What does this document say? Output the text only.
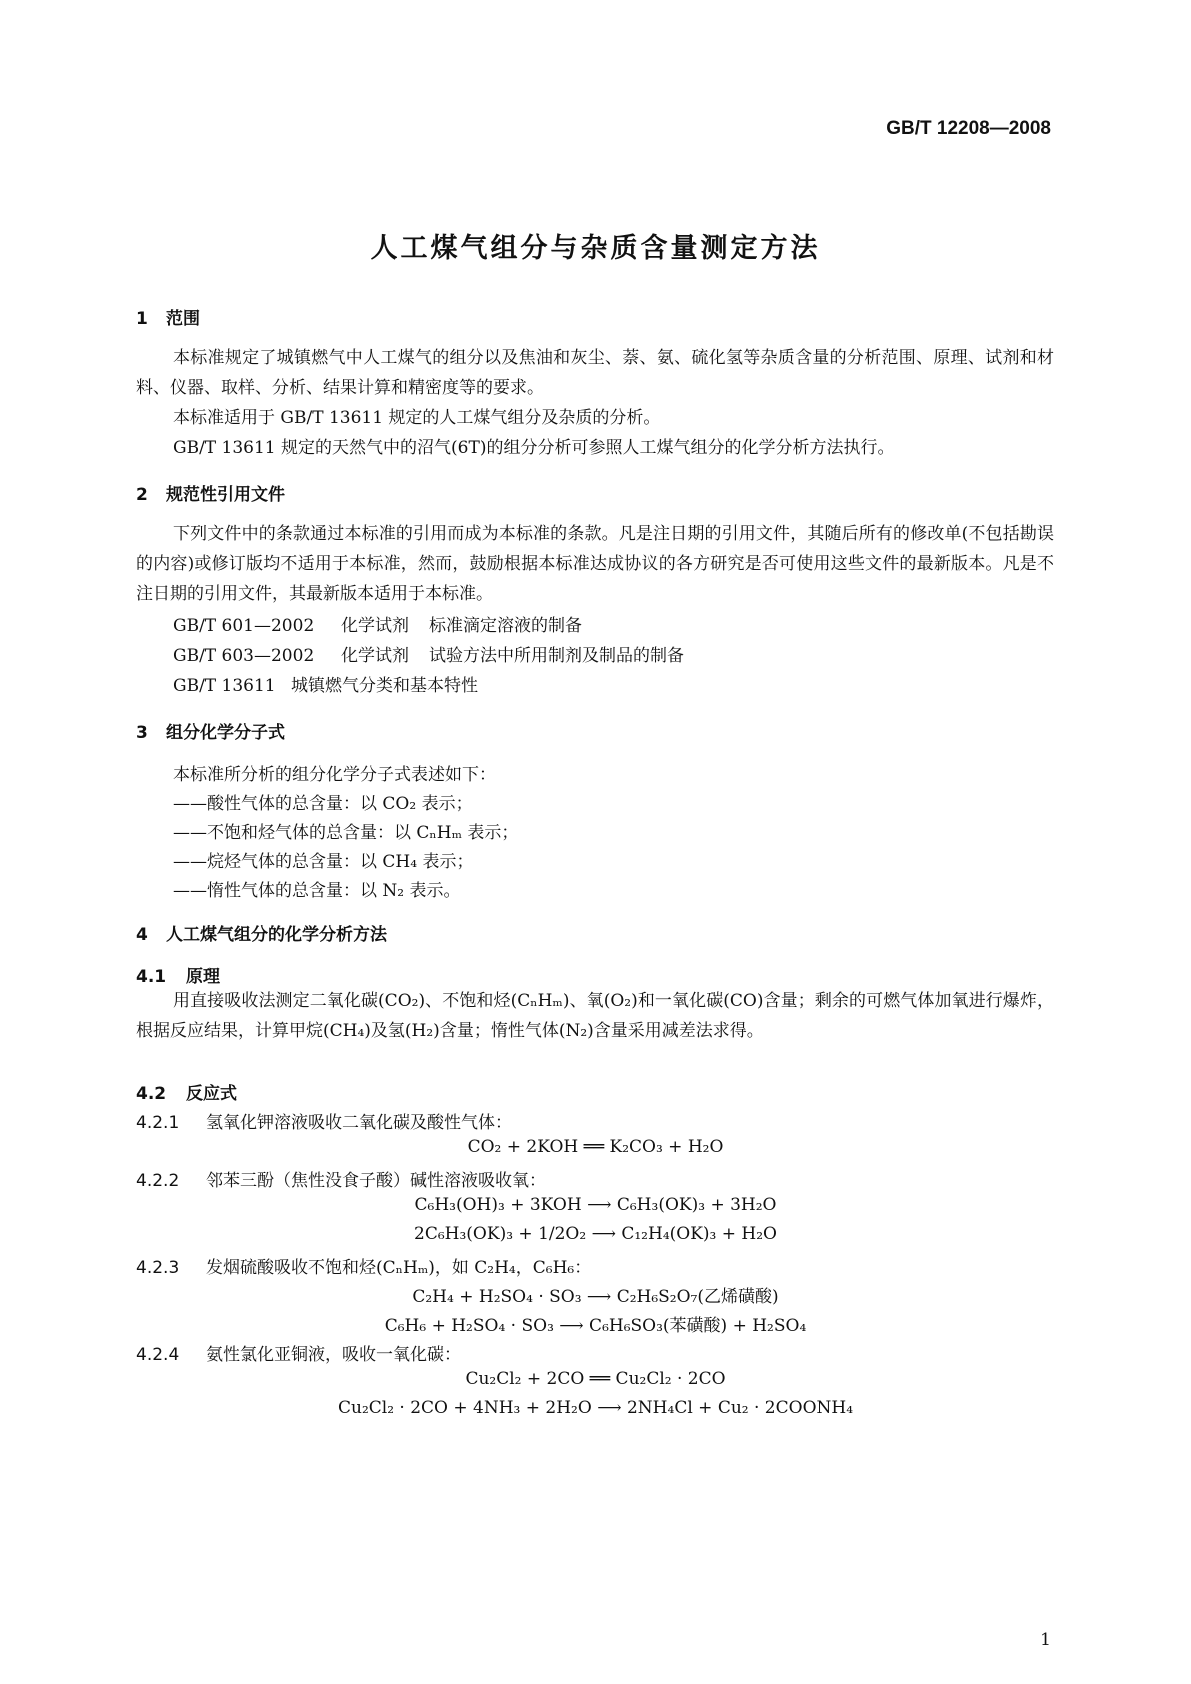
GB/T 12208—2008
人工煤气组分与杂质含量测定方法
1 范围
本标准规定了城镇燃气中人工煤气的组分以及焦油和灰尘、萘、氨、硫化氢等杂质含量的分析范围、原理、试剂和材料、仪器、取样、分析、结果计算和精密度等的要求。
本标准适用于 GB/T 13611 规定的人工煤气组分及杂质的分析。
GB/T 13611 规定的天然气中的沼气(6T)的组分分析可参照人工煤气组分的化学分析方法执行。
2 规范性引用文件
下列文件中的条款通过本标准的引用而成为本标准的条款。凡是注日期的引用文件，其随后所有的修改单(不包括勘误的内容)或修订版均不适用于本标准，然而，鼓励根据本标准达成协议的各方研究是否可使用这些文件的最新版本。凡是不注日期的引用文件，其最新版本适用于本标准。
GB/T 601—2002 化学试剂 标准滴定溶液的制备
GB/T 603—2002 化学试剂 试验方法中所用制剂及制品的制备
GB/T 13611 城镇燃气分类和基本特性
3 组分化学分子式
本标准所分析的组分化学分子式表述如下：
——酸性气体的总含量：以 CO₂ 表示；
——不饱和烃气体的总含量：以 CₙHₘ 表示；
——烷烃气体的总含量：以 CH₄ 表示；
——惰性气体的总含量：以 N₂ 表示。
4 人工煤气组分的化学分析方法
4.1 原理
用直接吸收法测定二氧化碳(CO₂)、不饱和烃(CₙHₘ)、氧(O₂)和一氧化碳(CO)含量；剩余的可燃气体加氧进行爆炸，根据反应结果，计算甲烷(CH₄)及氢(H₂)含量；惰性气体(N₂)含量采用减差法求得。
4.2 反应式
4.2.1 氢氧化钾溶液吸收二氧化碳及酸性气体：
CO₂ + 2KOH ══ K₂CO₃ + H₂O
4.2.2 邻苯三酚（焦性没食子酸）碱性溶液吸收氧：
C₆H₃(OH)₃ + 3KOH ⟶ C₆H₃(OK)₃ + 3H₂O
2C₆H₃(OK)₃ + 1/2O₂ ⟶ C₁₂H₄(OK)₃ + H₂O
4.2.3 发烟硫酸吸收不饱和烃(CₙHₘ)，如 C₂H₄，C₆H₆：
C₂H₄ + H₂SO₄ · SO₃ ⟶ C₂H₆S₂O₇(乙烯磺酸)
C₆H₆ + H₂SO₄ · SO₃ ⟶ C₆H₆SO₃(苯磺酸) + H₂SO₄
4.2.4 氨性氯化亚铜液，吸收一氧化碳：
Cu₂Cl₂ + 2CO ══ Cu₂Cl₂ · 2CO
Cu₂Cl₂ · 2CO + 4NH₃ + 2H₂O ⟶ 2NH₄Cl + Cu₂ · 2COONH₄
1
